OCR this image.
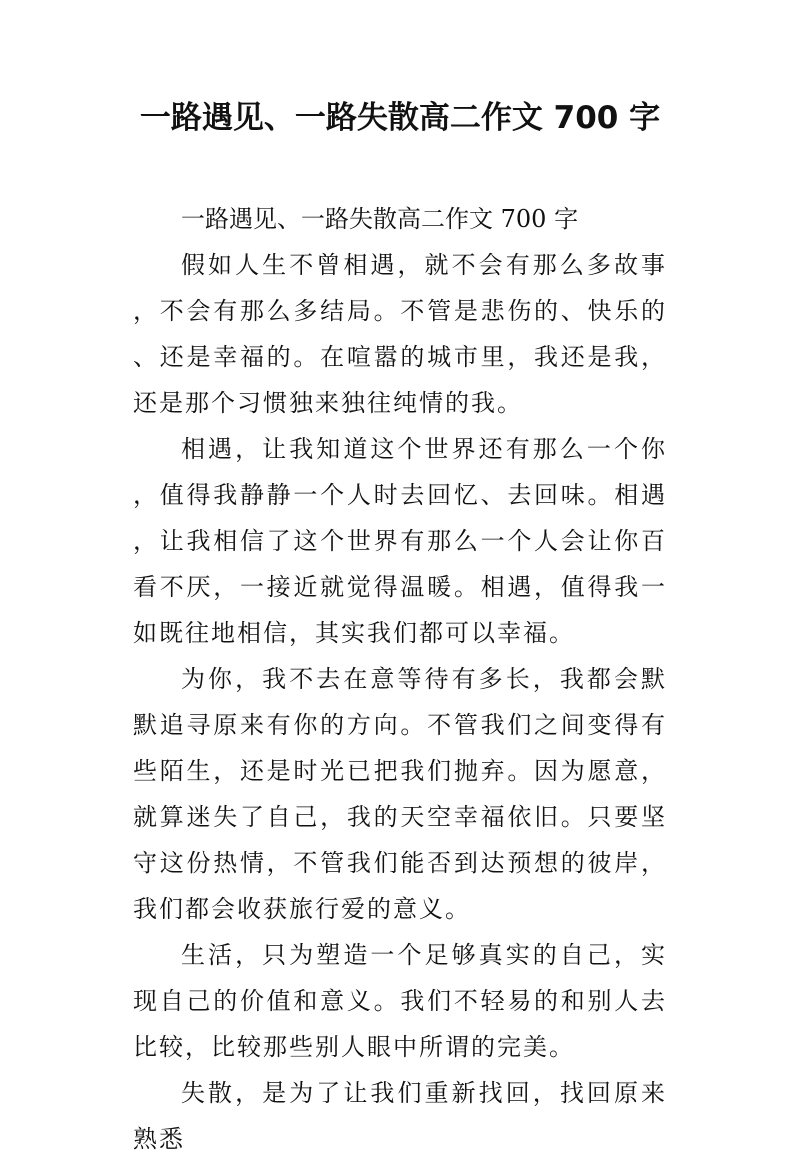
一路遇见、一路失散高二作文 700 字

一路遇见、一路失散高二作文 700 字

假如人生不曾相遇，就不会有那么多故事，不会有那么多结局。不管是悲伤的、快乐的、还是幸福的。在喧嚣的城市里，我还是我，还是那个习惯独来独往纯情的我。

相遇，让我知道这个世界还有那么一个你，值得我静静一个人时去回忆、去回味。相遇，让我相信了这个世界有那么一个人会让你百看不厌，一接近就觉得温暖。相遇，值得我一如既往地相信，其实我们都可以幸福。

为你，我不去在意等待有多长，我都会默默追寻原来有你的方向。不管我们之间变得有些陌生，还是时光已把我们抛弃。因为愿意，就算迷失了自己，我的天空幸福依旧。只要坚守这份热情，不管我们能否到达预想的彼岸，我们都会收获旅行爱的意义。

生活，只为塑造一个足够真实的自己，实现自己的价值和意义。我们不轻易的和别人去比较，比较那些别人眼中所谓的完美。

失散，是为了让我们重新找回，找回原来熟悉
